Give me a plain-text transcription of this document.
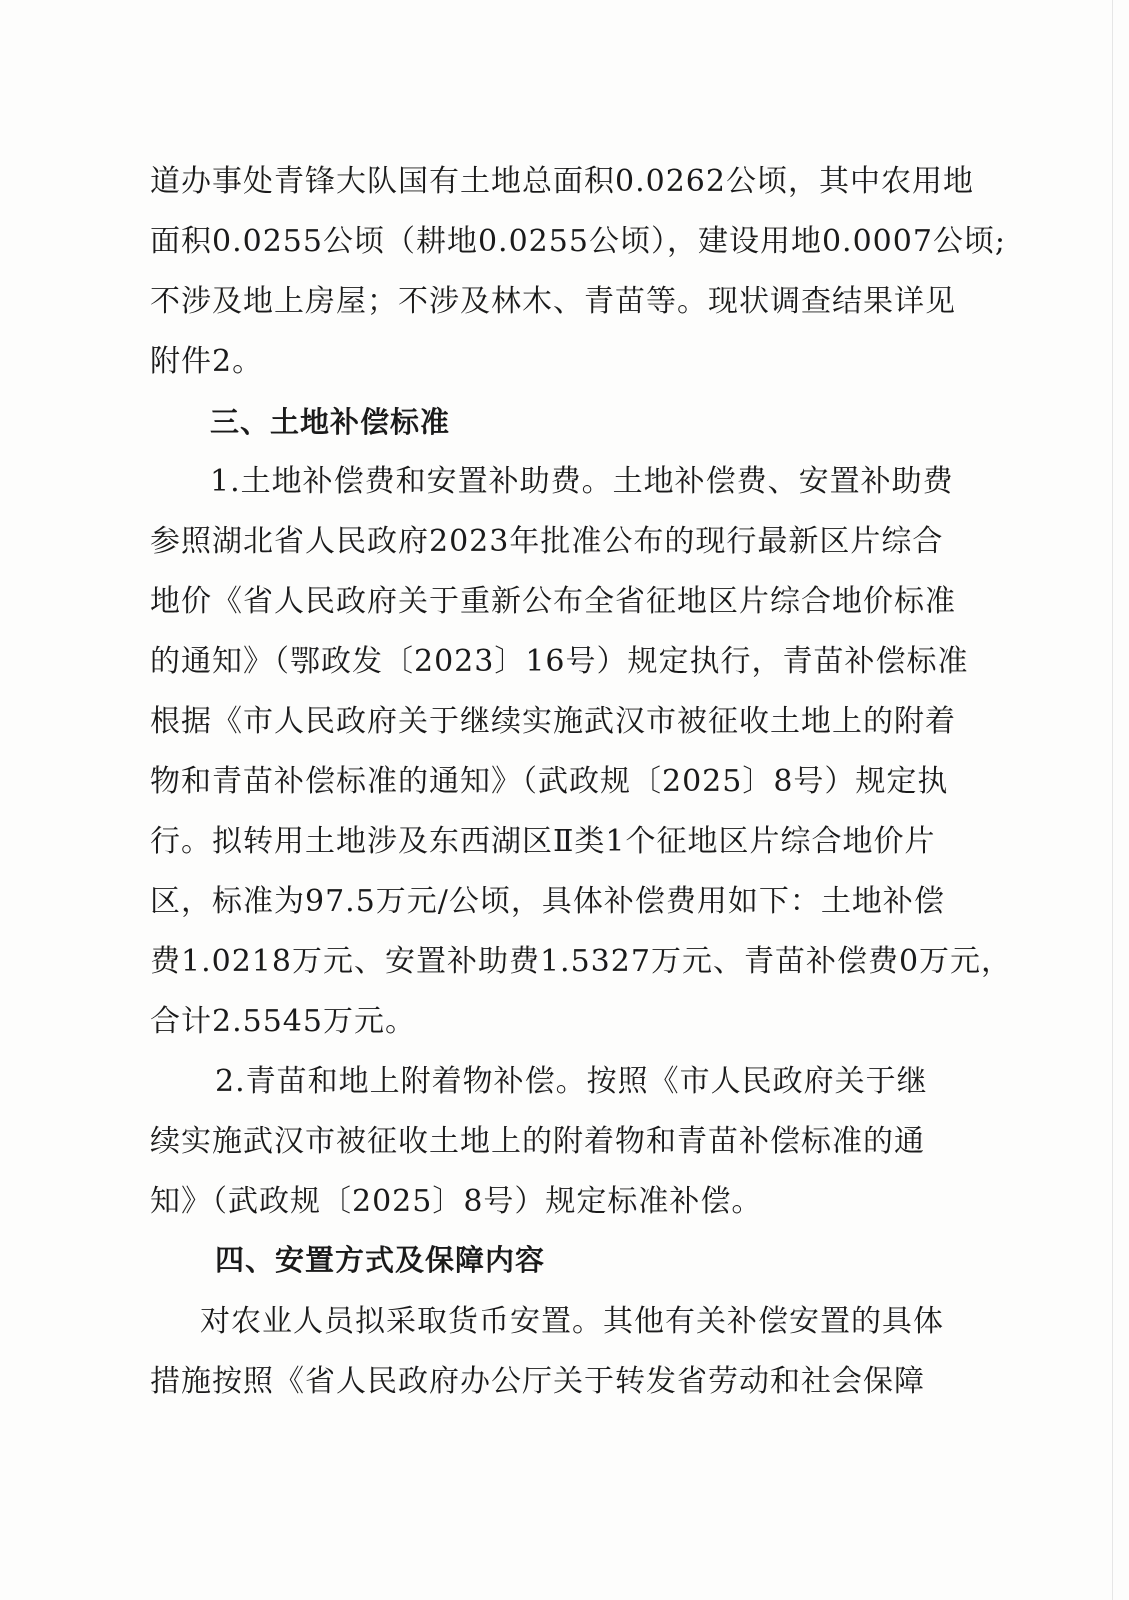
道办事处青锋大队国有土地总面积0.0262公顷，其中农用地
面积0.0255公顷（耕地0.0255公顷），建设用地0.0007公顷;
不涉及地上房屋；不涉及林木、青苗等。现状调查结果详见
附件2。
三、土地补偿标准
1.土地补偿费和安置补助费。土地补偿费、安置补助费
参照湖北省人民政府2023年批准公布的现行最新区片综合
地价《省人民政府关于重新公布全省征地区片综合地价标准
的通知》（鄂政发〔2023〕16号）规定执行，青苗补偿标准
根据《市人民政府关于继续实施武汉市被征收土地上的附着
物和青苗补偿标准的通知》（武政规〔2025〕8号）规定执
行。拟转用土地涉及东西湖区Ⅱ类1个征地区片综合地价片
区，标准为97.5万元/公顷，具体补偿费用如下：土地补偿
费1.0218万元、安置补助费1.5327万元、青苗补偿费0万元，
合计2.5545万元。
2.青苗和地上附着物补偿。按照《市人民政府关于继
续实施武汉市被征收土地上的附着物和青苗补偿标准的通
知》（武政规〔2025〕8号）规定标准补偿。
四、安置方式及保障内容
对农业人员拟采取货币安置。其他有关补偿安置的具体
措施按照《省人民政府办公厅关于转发省劳动和社会保障
